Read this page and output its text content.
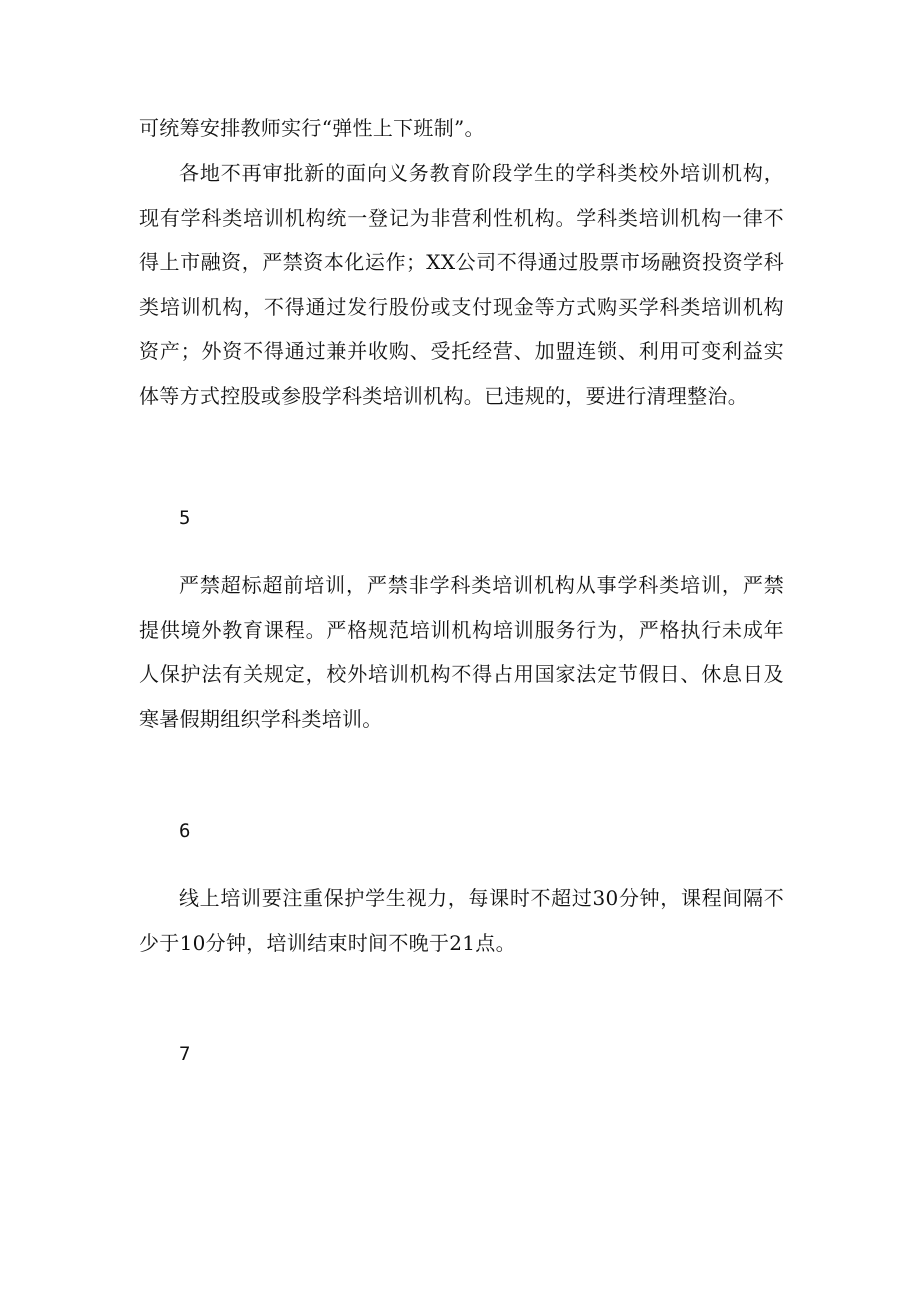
可统筹安排教师实行“弹性上下班制”。

各地不再审批新的面向义务教育阶段学生的学科类校外培训机构，现有学科类培训机构统一登记为非营利性机构。学科类培训机构一律不得上市融资，严禁资本化运作；XX公司不得通过股票市场融资投资学科类培训机构，不得通过发行股份或支付现金等方式购买学科类培训机构资产；外资不得通过兼并收购、受托经营、加盟连锁、利用可变利益实体等方式控股或参股学科类培训机构。已违规的，要进行清理整治。

5

严禁超标超前培训，严禁非学科类培训机构从事学科类培训，严禁提供境外教育课程。严格规范培训机构培训服务行为，严格执行未成年人保护法有关规定，校外培训机构不得占用国家法定节假日、休息日及寒暑假期组织学科类培训。

6

线上培训要注重保护学生视力，每课时不超过30分钟，课程间隔不少于10分钟，培训结束时间不晚于21点。

7
